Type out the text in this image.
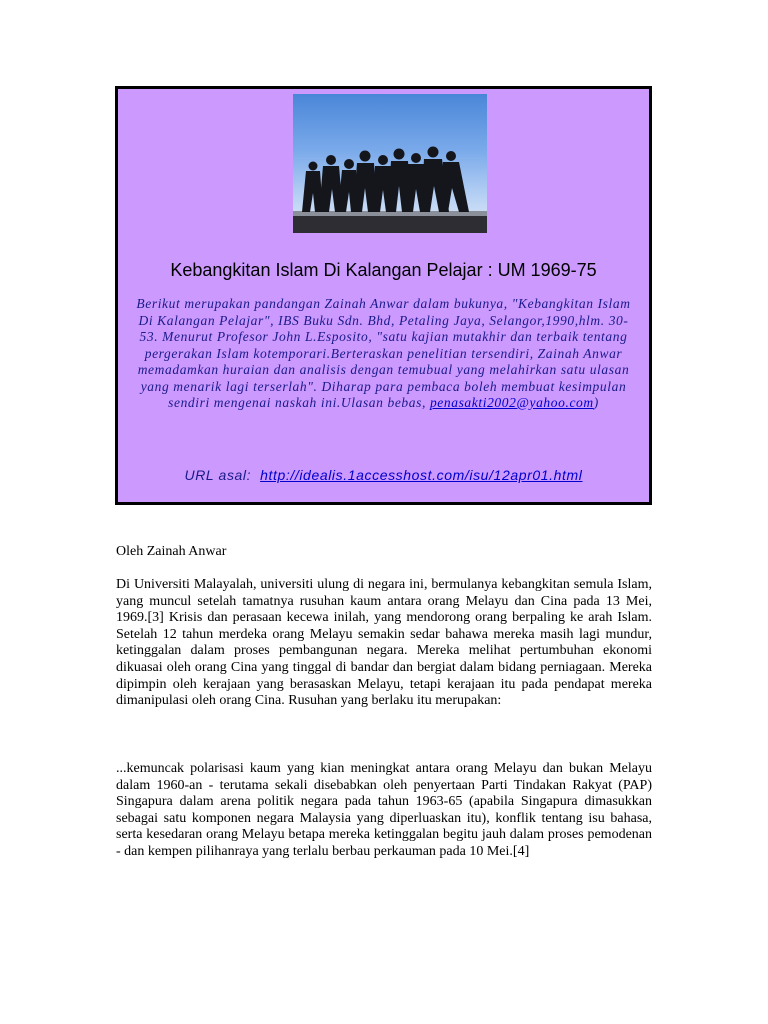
Kebangkitan Islam Di Kalangan Pelajar : UM 1969-75
Berikut merupakan pandangan Zainah Anwar dalam bukunya, "Kebangkitan Islam Di Kalangan Pelajar", IBS Buku Sdn. Bhd, Petaling Jaya, Selangor,1990,hlm. 30-53. Menurut Profesor John L.Esposito, "satu kajian mutakhir dan terbaik tentang pergerakan Islam kotemporari.Berteraskan penelitian tersendiri, Zainah Anwar memadamkan huraian dan analisis dengan temubual yang melahirkan satu ulasan yang menarik lagi terserlah". Diharap para pembaca boleh membuat kesimpulan sendiri mengenai naskah ini.Ulasan bebas, penasakti2002@yahoo.com)
URL asal: http://idealis.1accesshost.com/isu/12apr01.html
Oleh Zainah Anwar
Di Universiti Malayalah, universiti ulung di negara ini, bermulanya kebangkitan semula Islam, yang muncul setelah tamatnya rusuhan kaum antara orang Melayu dan Cina pada 13 Mei, 1969.[3] Krisis dan perasaan kecewa inilah, yang mendorong orang berpaling ke arah Islam. Setelah 12 tahun merdeka orang Melayu semakin sedar bahawa mereka masih lagi mundur, ketinggalan dalam proses pembangunan negara. Mereka melihat pertumbuhan ekonomi dikuasai oleh orang Cina yang tinggal di bandar dan bergiat dalam bidang perniagaan. Mereka dipimpin oleh kerajaan yang berasaskan Melayu, tetapi kerajaan itu pada pendapat mereka dimanipulasi oleh orang Cina. Rusuhan yang berlaku itu merupakan:
...kemuncak polarisasi kaum yang kian meningkat antara orang Melayu dan bukan Melayu dalam 1960-an - terutama sekali disebabkan oleh penyertaan Parti Tindakan Rakyat (PAP) Singapura dalam arena politik negara pada tahun 1963-65 (apabila Singapura dimasukkan sebagai satu komponen negara Malaysia yang diperluaskan itu), konflik tentang isu bahasa, serta kesedaran orang Melayu betapa mereka ketinggalan begitu jauh dalam proses pemodenan - dan kempen pilihanraya yang terlalu berbau perkauman pada 10 Mei.[4]
